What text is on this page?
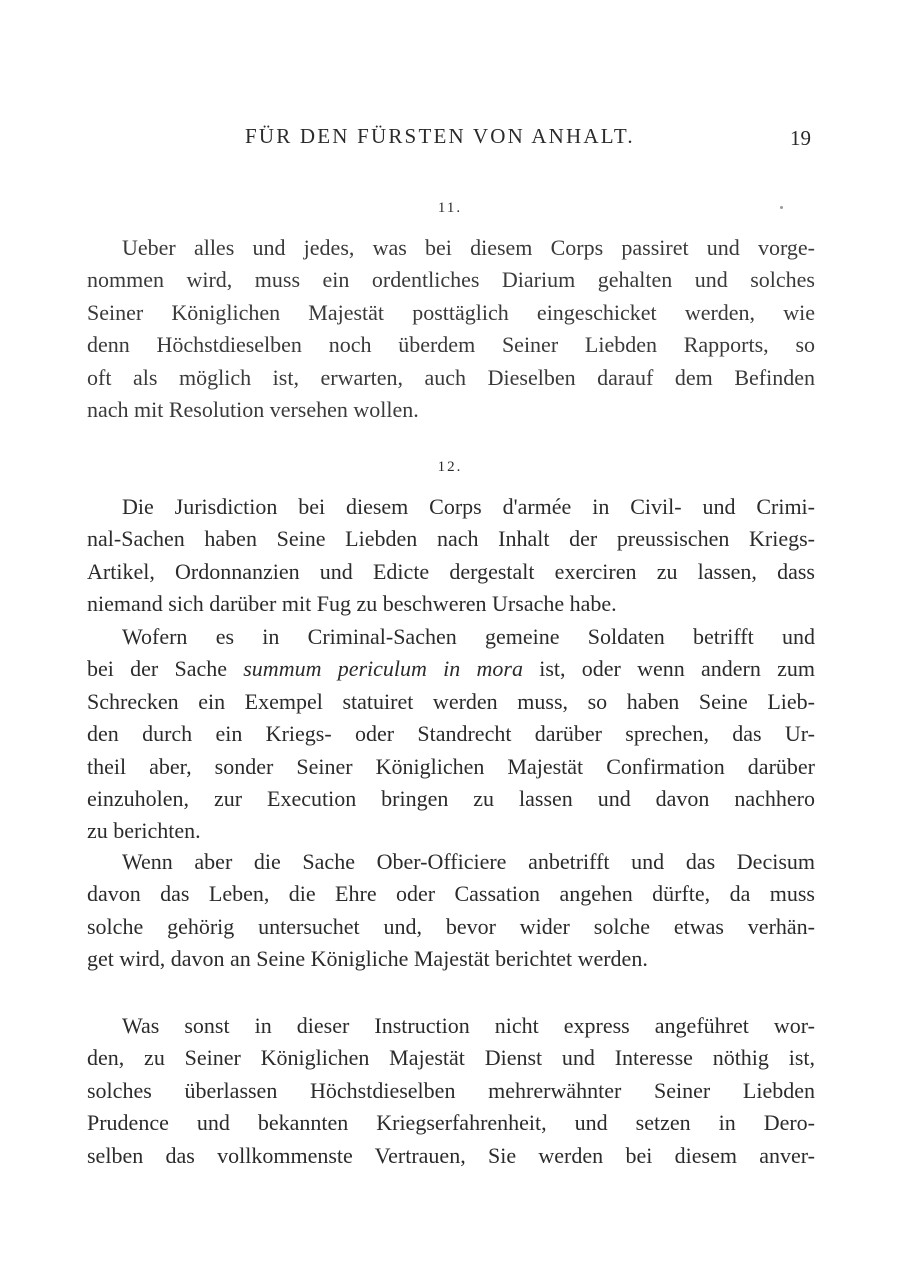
FÜR DEN FÜRSTEN VON ANHALT.	19
11.

Ueber alles und jedes, was bei diesem Corps passiret und vorge-
nommen wird, muss ein ordentliches Diarium gehalten und solches
Seiner Königlichen Majestät posttäglich eingeschicket werden, wie
denn Höchstdieselben noch überdem Seiner Liebden Rapports, so
oft als möglich ist, erwarten, auch Dieselben darauf dem Befinden
nach mit Resolution versehen wollen.

12.

Die Jurisdiction bei diesem Corps d'armée in Civil- und Crimi-
nal-Sachen haben Seine Liebden nach Inhalt der preussischen Kriegs-
Artikel, Ordonnanzien und Edicte dergestalt exerciren zu lassen, dass
niemand sich darüber mit Fug zu beschweren Ursache habe.

Wofern es in Criminal-Sachen gemeine Soldaten betrifft und
bei der Sache summum periculum in mora ist, oder wenn andern zum
Schrecken ein Exempel statuiret werden muss, so haben Seine Lieb-
den durch ein Kriegs- oder Standrecht darüber sprechen, das Ur-
theil aber, sonder Seiner Königlichen Majestät Confirmation darüber
einzuholen, zur Execution bringen zu lassen und davon nachhero
zu berichten.

Wenn aber die Sache Ober-Officiere anbetrifft und das Decisum
davon das Leben, die Ehre oder Cassation angehen dürfte, da muss
solche gehörig untersuchet und, bevor wider solche etwas verhän-
get wird, davon an Seine Königliche Majestät berichtet werden.

Was sonst in dieser Instruction nicht express angeführet wor-
den, zu Seiner Königlichen Majestät Dienst und Interesse nöthig ist,
solches überlassen Höchstdieselben mehrerwähnter Seiner Liebden
Prudence und bekannten Kriegserfahrenheit, und setzen in Dero-
selben das vollkommenste Vertrauen, Sie werden bei diesem anver-
